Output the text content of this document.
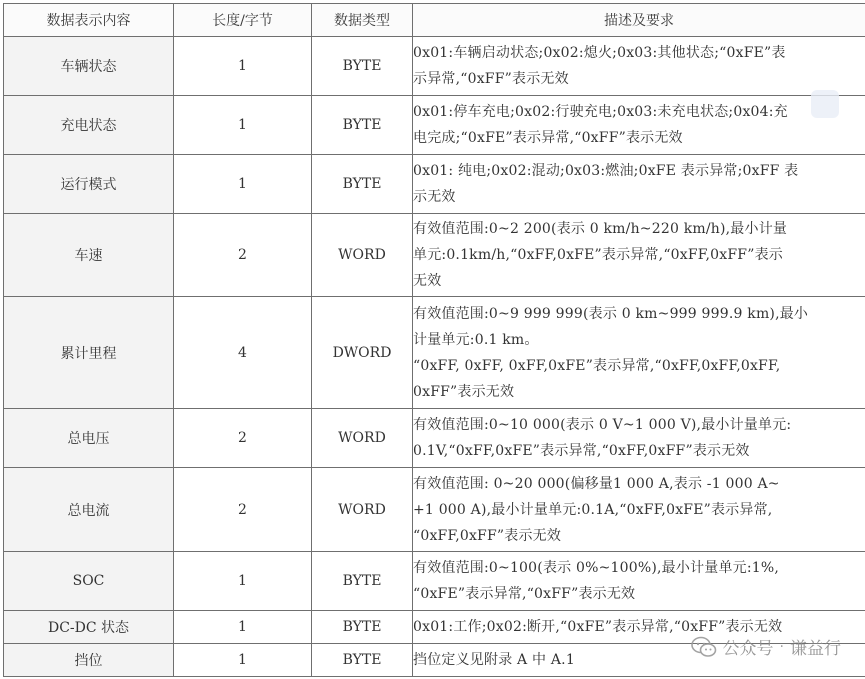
数据表示内容	长度/字节	数据类型	描述及要求
车辆状态	1	BYTE	0x01:车辆启动状态;0x02:熄火;0x03:其他状态;“0xFE”表
示异常,“0xFF”表示无效

充电状态	1	BYTE	0x01:停车充电;0x02:行驶充电;0x03:未充电状态;0x04:充
电完成;“0xFE”表示异常,“0xFF”表示无效

运行模式	1	BYTE	0x01: 纯电;0x02:混动;0x03:燃油;0xFE 表示异常;0xFF 表
示无效

车速	2	WORD	有效值范围:0~2 200(表示 0 km/h~220 km/h),最小计量
单元:0.1km/h,“0xFF,0xFE”表示异常,“0xFF,0xFF”表示
无效

累计里程	4	DWORD	有效值范围:0~9 999 999(表示 0 km~999 999.9 km),最小
计量单元:0.1 km。
“0xFF, 0xFF, 0xFF,0xFE”表示异常,“0xFF,0xFF,0xFF,
0xFF”表示无效

总电压	2	WORD	有效值范围:0~10 000(表示 0 V~1 000 V),最小计量单元:
0.1V,“0xFF,0xFE”表示异常,“0xFF,0xFF”表示无效

总电流	2	WORD	有效值范围: 0~20 000(偏移量1 000 A,表示 -1 000 A~
+1 000 A),最小计量单元:0.1A,“0xFF,0xFE”表示异常,
“0xFF,0xFF”表示无效

SOC	1	BYTE	有效值范围:0~100(表示 0%~100%),最小计量单元:1%,
“0xFE”表示异常,“0xFF”表示无效

DC-DC 状态	1	BYTE	0x01:工作;0x02:断开,“0xFE”表示异常,“0xFF”表示无效

挡位	1	BYTE	挡位定义见附录 A 中 A.1
公众号 · 谦益行
